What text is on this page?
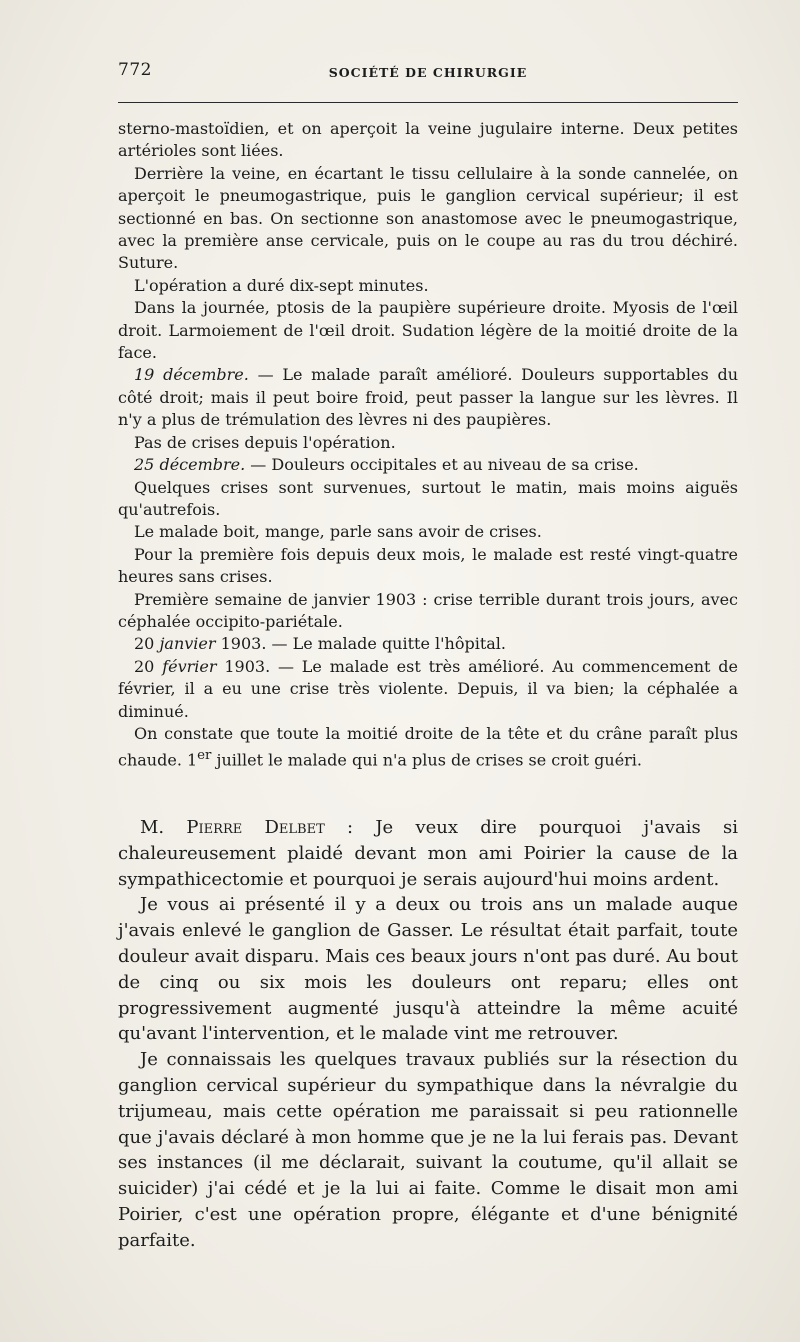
772	SOCIÉTÉ DE CHIRURGIE

sterno-mastoïdien, et on aperçoit la veine jugulaire interne. Deux petites artérioles sont liées.

Derrière la veine, en écartant le tissu cellulaire à la sonde cannelée, on aperçoit le pneumogastrique, puis le ganglion cervical supérieur; il est sectionné en bas. On sectionne son anastomose avec le pneumogastrique, avec la première anse cervicale, puis on le coupe au ras du trou déchiré. Suture.

L'opération a duré dix-sept minutes.

Dans la journée, ptosis de la paupière supérieure droite. Myosis de l'œil droit. Larmoiement de l'œil droit. Sudation légère de la moitié droite de la face.

19 décembre. — Le malade paraît amélioré. Douleurs supportables du côté droit; mais il peut boire froid, peut passer la langue sur les lèvres. Il n'y a plus de trémulation des lèvres ni des paupières.

Pas de crises depuis l'opération.

25 décembre. — Douleurs occipitales et au niveau de sa crise.

Quelques crises sont survenues, surtout le matin, mais moins aiguës qu'autrefois.

Le malade boit, mange, parle sans avoir de crises.

Pour la première fois depuis deux mois, le malade est resté vingt-quatre heures sans crises.

Première semaine de janvier 1903 : crise terrible durant trois jours, avec céphalée occipito-pariétale.

20 janvier 1903. — Le malade quitte l'hôpital.

20 février 1903. — Le malade est très amélioré. Au commencement de février, il a eu une crise très violente. Depuis, il va bien; la céphalée a diminué.

On constate que toute la moitié droite de la tête et du crâne paraît plus chaude. 1er juillet le malade qui n'a plus de crises se croit guéri.

M. Pierre Delbet : Je veux dire pourquoi j'avais si chaleureusement plaidé devant mon ami Poirier la cause de la sympathicectomie et pourquoi je serais aujourd'hui moins ardent.

Je vous ai présenté il y a deux ou trois ans un malade auque j'avais enlevé le ganglion de Gasser. Le résultat était parfait, toute douleur avait disparu. Mais ces beaux jours n'ont pas duré. Au bout de cinq ou six mois les douleurs ont reparu; elles ont progressivement augmenté jusqu'à atteindre la même acuité qu'avant l'intervention, et le malade vint me retrouver.

Je connaissais les quelques travaux publiés sur la résection du ganglion cervical supérieur du sympathique dans la névralgie du trijumeau, mais cette opération me paraissait si peu rationnelle que j'avais déclaré à mon homme que je ne la lui ferais pas. Devant ses instances (il me déclarait, suivant la coutume, qu'il allait se suicider) j'ai cédé et je la lui ai faite. Comme le disait mon ami Poirier, c'est une opération propre, élégante et d'une bénignité parfaite.
